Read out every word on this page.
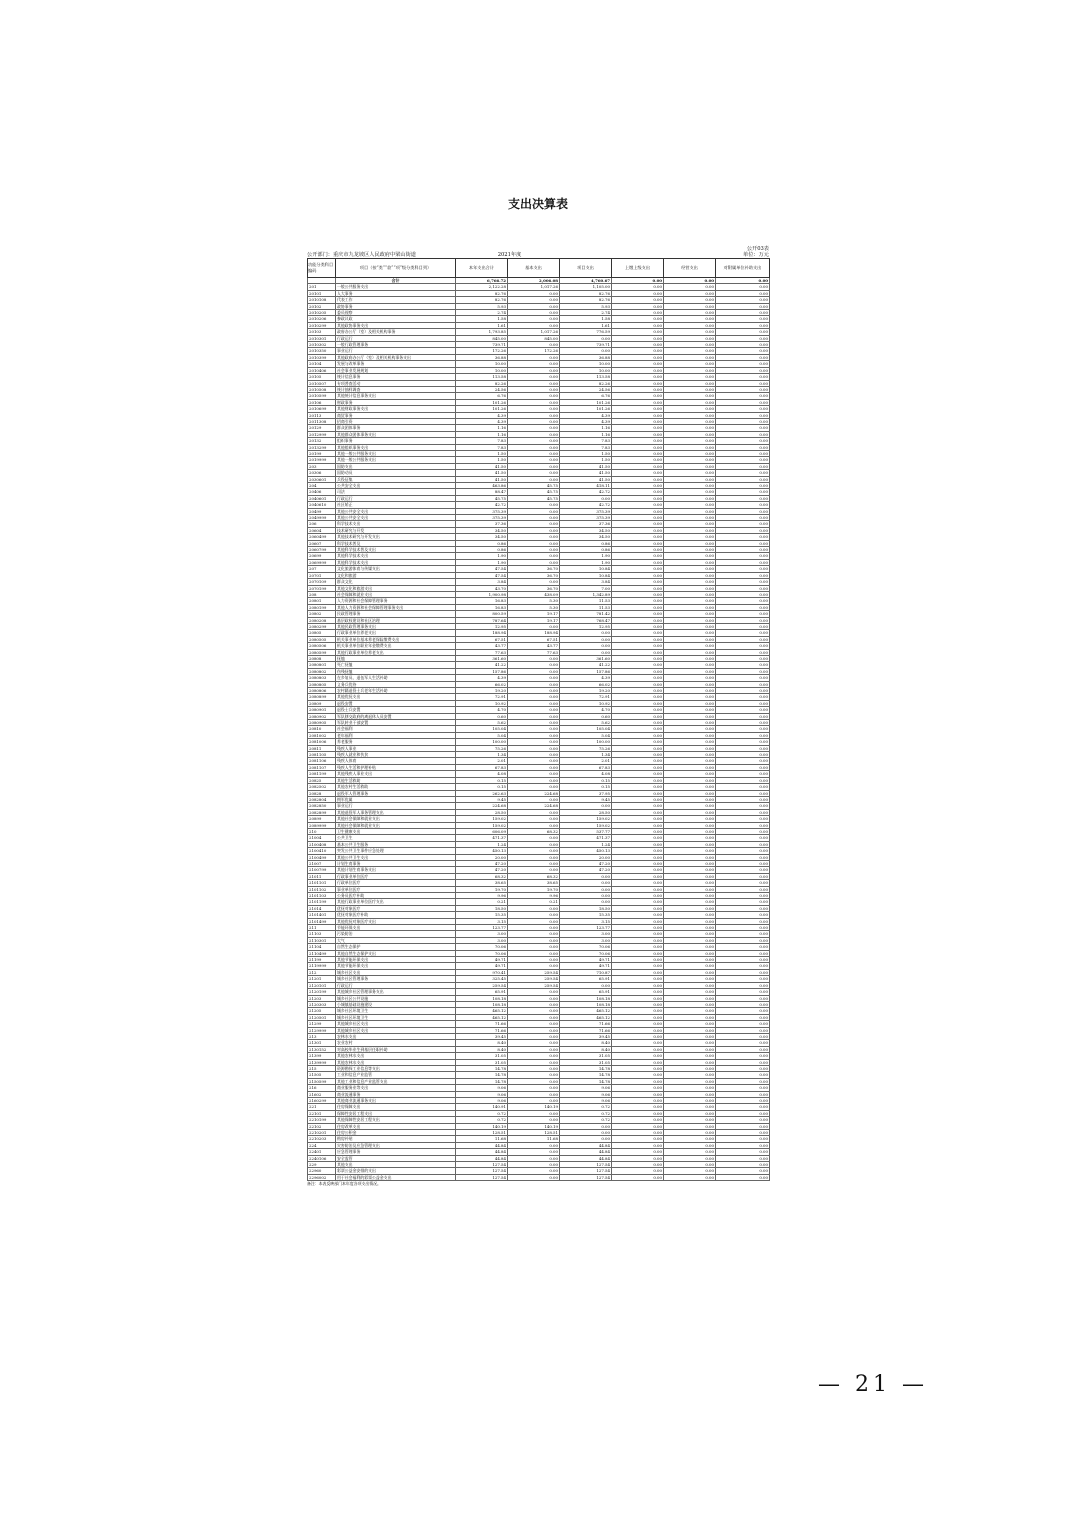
支出决算表
公开03表
公开部门：重庆市九龙坡区人民政府中梁山街道	2021年度	单位：万元
功能分类科目编码	项目（按“类”“款”“项”级分类科目列）	本年支出合计	基本支出	项目支出	上缴上级支出	经营支出	对附属单位补助支出
	合计	6,766.72	2,006.08	4,760.67	0.00	0.00	0.00
201	一般公共服务支出	2,122.28	1,017.26	1,105.00	0.00	0.00	0.00
20101	人大事务	82.76	0.00	82.76	0.00	0.00	0.00
2010108	代表工作	82.76	0.00	82.76	0.00	0.00	0.00
20102	政协事务	5.93	0.00	5.93	0.00	0.00	0.00
2010205	委员视察	2.74	0.00	2.74	0.00	0.00	0.00
2010206	参政议政	1.58	0.00	1.58	0.00	0.00	0.00
2010299	其他政协事务支出	1.61	0.00	1.61	0.00	0.00	0.00
20103	政府办公厅（室）及相关机构事务	1,793.85	1,017.26	776.59	0.00	0.00	0.00
2010301	行政运行	845.00	845.00	0.00	0.00	0.00	0.00
2010302	一般行政管理事务	739.71	0.00	739.71	0.00	0.00	0.00
2010350	事业运行	172.26	172.26	0.00	0.00	0.00	0.00
2010399	其他政府办公厅（室）及相关机构事务支出	36.88	0.00	36.88	0.00	0.00	0.00
20104	发展与改革事务	10.00	0.00	10.00	0.00	0.00	0.00
2010406	社会事业发展规划	10.00	0.00	10.00	0.00	0.00	0.00
20105	统计信息事务	113.58	0.00	113.58	0.00	0.00	0.00
2010507	专项普查活动	82.26	0.00	82.26	0.00	0.00	0.00
2010508	统计抽样调查	24.56	0.00	24.56	0.00	0.00	0.00
2010599	其他统计信息事务支出	6.76	0.00	6.76	0.00	0.00	0.00
20106	财政事务	101.26	0.00	101.26	0.00	0.00	0.00
2010699	其他财政事务支出	101.26	0.00	101.26	0.00	0.00	0.00
20113	商贸事务	4.39	0.00	4.39	0.00	0.00	0.00
2011308	招商引资	4.39	0.00	4.39	0.00	0.00	0.00
20129	群众团体事务	1.16	0.00	1.16	0.00	0.00	0.00
2012999	其他群众团体事务支出	1.16	0.00	1.16	0.00	0.00	0.00
20132	组织事务	7.83	0.00	7.83	0.00	0.00	0.00
2013299	其他组织事务支出	7.83	0.00	7.83	0.00	0.00	0.00
20199	其他一般公共服务支出	1.50	0.00	1.50	0.00	0.00	0.00
2019999	其他一般公共服务支出	1.50	0.00	1.50	0.00	0.00	0.00
203	国防支出	41.50	0.00	41.50	0.00	0.00	0.00
20306	国防动员	41.50	0.00	41.50	0.00	0.00	0.00
2030601	兵役征集	41.50	0.00	41.50	0.00	0.00	0.00
204	公共安全支出	463.86	45.75	418.11	0.00	0.00	0.00
20406	司法	88.47	45.75	42.72	0.00	0.00	0.00
2040601	行政运行	45.75	45.75	0.00	0.00	0.00	0.00
2040610	社区矫正	42.72	0.00	42.72	0.00	0.00	0.00
20499	其他公共安全支出	375.39	0.00	375.39	0.00	0.00	0.00
2049999	其他公共安全支出	375.39	0.00	375.39	0.00	0.00	0.00
206	科学技术支出	37.36	0.00	37.36	0.00	0.00	0.00
20604	技术研究与开发	34.50	0.00	34.50	0.00	0.00	0.00
2060499	其他技术研究与开发支出	34.50	0.00	34.50	0.00	0.00	0.00
20607	科学技术普及	0.86	0.00	0.86	0.00	0.00	0.00
2060799	其他科学技术普及支出	0.86	0.00	0.86	0.00	0.00	0.00
20699	其他科学技术支出	1.90	0.00	1.90	0.00	0.00	0.00
2069999	其他科学技术支出	1.90	0.00	1.90	0.00	0.00	0.00
207	文化旅游体育与传媒支出	47.54	36.70	10.84	0.00	0.00	0.00
20701	文化和旅游	47.54	36.70	10.84	0.00	0.00	0.00
2070109	群众文化	3.84	0.00	3.84	0.00	0.00	0.00
2070199	其他文化和旅游支出	43.70	36.70	7.00	0.00	0.00	0.00
208	社会保障和就业支出	1,900.98	438.09	1,342.89	0.00	0.00	0.00
20801	人力资源和社会保障管理事务	16.83	5.30	11.53	0.00	0.00	0.00
2080199	其他人力资源和社会保障管理事务支出	16.83	5.30	11.53	0.00	0.00	0.00
20802	民政管理事务	800.59	19.17	781.42	0.00	0.00	0.00
2080208	基层政权建设和社区治理	787.64	19.17	768.47	0.00	0.00	0.00
2080299	其他民政管理事务支出	12.95	0.00	12.95	0.00	0.00	0.00
20805	行政事业单位养老支出	188.94	188.94	0.00	0.00	0.00	0.00
2080505	机关事业单位基本养老保险缴费支出	67.51	67.51	0.00	0.00	0.00	0.00
2080506	机关事业单位职业年金缴费支出	43.77	43.77	0.00	0.00	0.00	0.00
2080599	其他行政事业单位养老支出	77.63	77.63	0.00	0.00	0.00	0.00
20808	抚恤	361.60	0.00	361.60	0.00	0.00	0.00
2080801	死亡抚恤	41.22	0.00	41.22	0.00	0.00	0.00
2080802	伤残抚恤	157.86	0.00	157.86	0.00	0.00	0.00
2080803	在乡复员、退伍军人生活补助	4.39	0.00	4.39	0.00	0.00	0.00
2080805	义务兵优待	66.02	0.00	66.02	0.00	0.00	0.00
2080806	农村籍退役士兵老年生活补助	19.20	0.00	19.20	0.00	0.00	0.00
2080899	其他优抚支出	72.91	0.00	72.91	0.00	0.00	0.00
20809	退役安置	10.92	0.00	10.92	0.00	0.00	0.00
2080901	退役士兵安置	4.70	0.00	4.70	0.00	0.00	0.00
2080902	军队移交政府的离退休人员安置	0.60	0.00	0.60	0.00	0.00	0.00
2080905	军队转业干部安置	5.62	0.00	5.62	0.00	0.00	0.00
20810	社会福利	105.04	0.00	105.04	0.00	0.00	0.00
2081002	老年福利	5.04	0.00	5.04	0.00	0.00	0.00
2081006	养老服务	100.00	0.00	100.00	0.00	0.00	0.00
20811	残疾人事业	75.26	0.00	75.26	0.00	0.00	0.00
2081105	残疾人就业和扶贫	1.34	0.00	1.34	0.00	0.00	0.00
2081106	残疾人体育	2.01	0.00	2.01	0.00	0.00	0.00
2081107	残疾人生活和护理补贴	67.83	0.00	67.83	0.00	0.00	0.00
2081199	其他残疾人事业支出	4.08	0.00	4.08	0.00	0.00	0.00
20825	其他生活救助	0.15	0.00	0.15	0.00	0.00	0.00
2082502	其他农村生活救助	0.15	0.00	0.15	0.00	0.00	0.00
20828	退役军人管理事务	262.63	224.68	37.95	0.00	0.00	0.00
2082804	拥军优属	9.45	0.00	9.45	0.00	0.00	0.00
2082850	事业运行	224.68	224.68	0.00	0.00	0.00	0.00
2082899	其他退役军人事务管理支出	28.50	0.00	28.50	0.00	0.00	0.00
20899	其他社会保障和就业支出	159.02	0.00	159.02	0.00	0.00	0.00
2089999	其他社会保障和就业支出	159.02	0.00	159.02	0.00	0.00	0.00
210	卫生健康支出	606.09	68.32	537.77	0.00	0.00	0.00
21004	公共卫生	471.37	0.00	471.37	0.00	0.00	0.00
2100408	基本公共卫生服务	1.24	0.00	1.24	0.00	0.00	0.00
2100410	突发公共卫生事件应急处理	450.13	0.00	450.13	0.00	0.00	0.00
2100499	其他公共卫生支出	20.00	0.00	20.00	0.00	0.00	0.00
21007	计划生育事务	47.20	0.00	47.20	0.00	0.00	0.00
2100799	其他计划生育事务支出	47.20	0.00	47.20	0.00	0.00	0.00
21011	行政事业单位医疗	68.32	68.32	0.00	0.00	0.00	0.00
2101101	行政单位医疗	38.65	38.65	0.00	0.00	0.00	0.00
2101102	事业单位医疗	19.70	19.70	0.00	0.00	0.00	0.00
2101103	公务员医疗补助	9.96	9.96	0.00	0.00	0.00	0.00
2101199	其他行政事业单位医疗支出	0.21	0.21	0.00	0.00	0.00	0.00
21014	优抚对象医疗	18.50	0.00	18.50	0.00	0.00	0.00
2101401	优抚对象医疗补助	15.35	0.00	15.35	0.00	0.00	0.00
2101499	其他优抚对象医疗支出	3.15	0.00	3.15	0.00	0.00	0.00
211	节能环保支出	123.77	0.00	123.77	0.00	0.00	0.00
21103	污染防治	3.00	0.00	3.00	0.00	0.00	0.00
2110301	大气	3.00	0.00	3.00	0.00	0.00	0.00
21104	自然生态保护	70.06	0.00	70.06	0.00	0.00	0.00
2110499	其他自然生态保护支出	70.06	0.00	70.06	0.00	0.00	0.00
21199	其他节能环保支出	49.71	0.00	49.71	0.00	0.00	0.00
2119999	其他节能环保支出	49.71	0.00	49.71	0.00	0.00	0.00
212	城乡社区支出	970.41	259.54	710.87	0.00	0.00	0.00
21201	城乡社区管理事务	325.45	259.54	65.91	0.00	0.00	0.00
2120101	行政运行	259.54	259.54	0.00	0.00	0.00	0.00
2120199	其他城乡社区管理事务支出	65.91	0.00	65.91	0.00	0.00	0.00
21203	城乡社区公共设施	108.18	0.00	108.18	0.00	0.00	0.00
2120303	小城镇基础设施建设	108.18	0.00	108.18	0.00	0.00	0.00
21205	城乡社区环境卫生	465.12	0.00	465.12	0.00	0.00	0.00
2120501	城乡社区环境卫生	465.12	0.00	465.12	0.00	0.00	0.00
21299	其他城乡社区支出	71.66	0.00	71.66	0.00	0.00	0.00
2129999	其他城乡社区支出	71.66	0.00	71.66	0.00	0.00	0.00
213	农林水支出	39.45	0.00	39.45	0.00	0.00	0.00
21301	农业农村	8.40	0.00	8.40	0.00	0.00	0.00
2130152	对高校毕业生到基层任职补助	8.40	0.00	8.40	0.00	0.00	0.00
21399	其他农林水支出	31.05	0.00	31.05	0.00	0.00	0.00
2139999	其他农林水支出	31.05	0.00	31.05	0.00	0.00	0.00
215	资源勘探工业信息等支出	14.78	0.00	14.78	0.00	0.00	0.00
21505	工业和信息产业监管	14.78	0.00	14.78	0.00	0.00	0.00
2150599	其他工业和信息产业监管支出	14.78	0.00	14.78	0.00	0.00	0.00
216	商业服务业等支出	9.06	0.00	9.06	0.00	0.00	0.00
21602	商业流通事务	9.06	0.00	9.06	0.00	0.00	0.00
2160299	其他商业流通事务支出	9.06	0.00	9.06	0.00	0.00	0.00
221	住房保障支出	140.91	140.19	0.72	0.00	0.00	0.00
22101	保障性安居工程支出	0.72	0.00	0.72	0.00	0.00	0.00
2210199	其他保障性安居工程支出	0.72	0.00	0.72	0.00	0.00	0.00
22102	住房改革支出	140.19	140.19	0.00	0.00	0.00	0.00
2210201	住房公积金	128.51	128.51	0.00	0.00	0.00	0.00
2210203	购房补贴	11.68	11.68	0.00	0.00	0.00	0.00
224	灾害防治及应急管理支出	44.84	0.00	44.84	0.00	0.00	0.00
22401	应急管理事务	44.84	0.00	44.84	0.00	0.00	0.00
2240106	安全监管	44.84	0.00	44.84	0.00	0.00	0.00
229	其他支出	127.54	0.00	127.54	0.00	0.00	0.00
22960	彩票公益金安排的支出	127.54	0.00	127.54	0.00	0.00	0.00
2296002	用于社会福利的彩票公益金支出	127.54	0.00	127.54	0.00	0.00	0.00
备注：本表反映部门本年度各项支出情况。
— 21 —
